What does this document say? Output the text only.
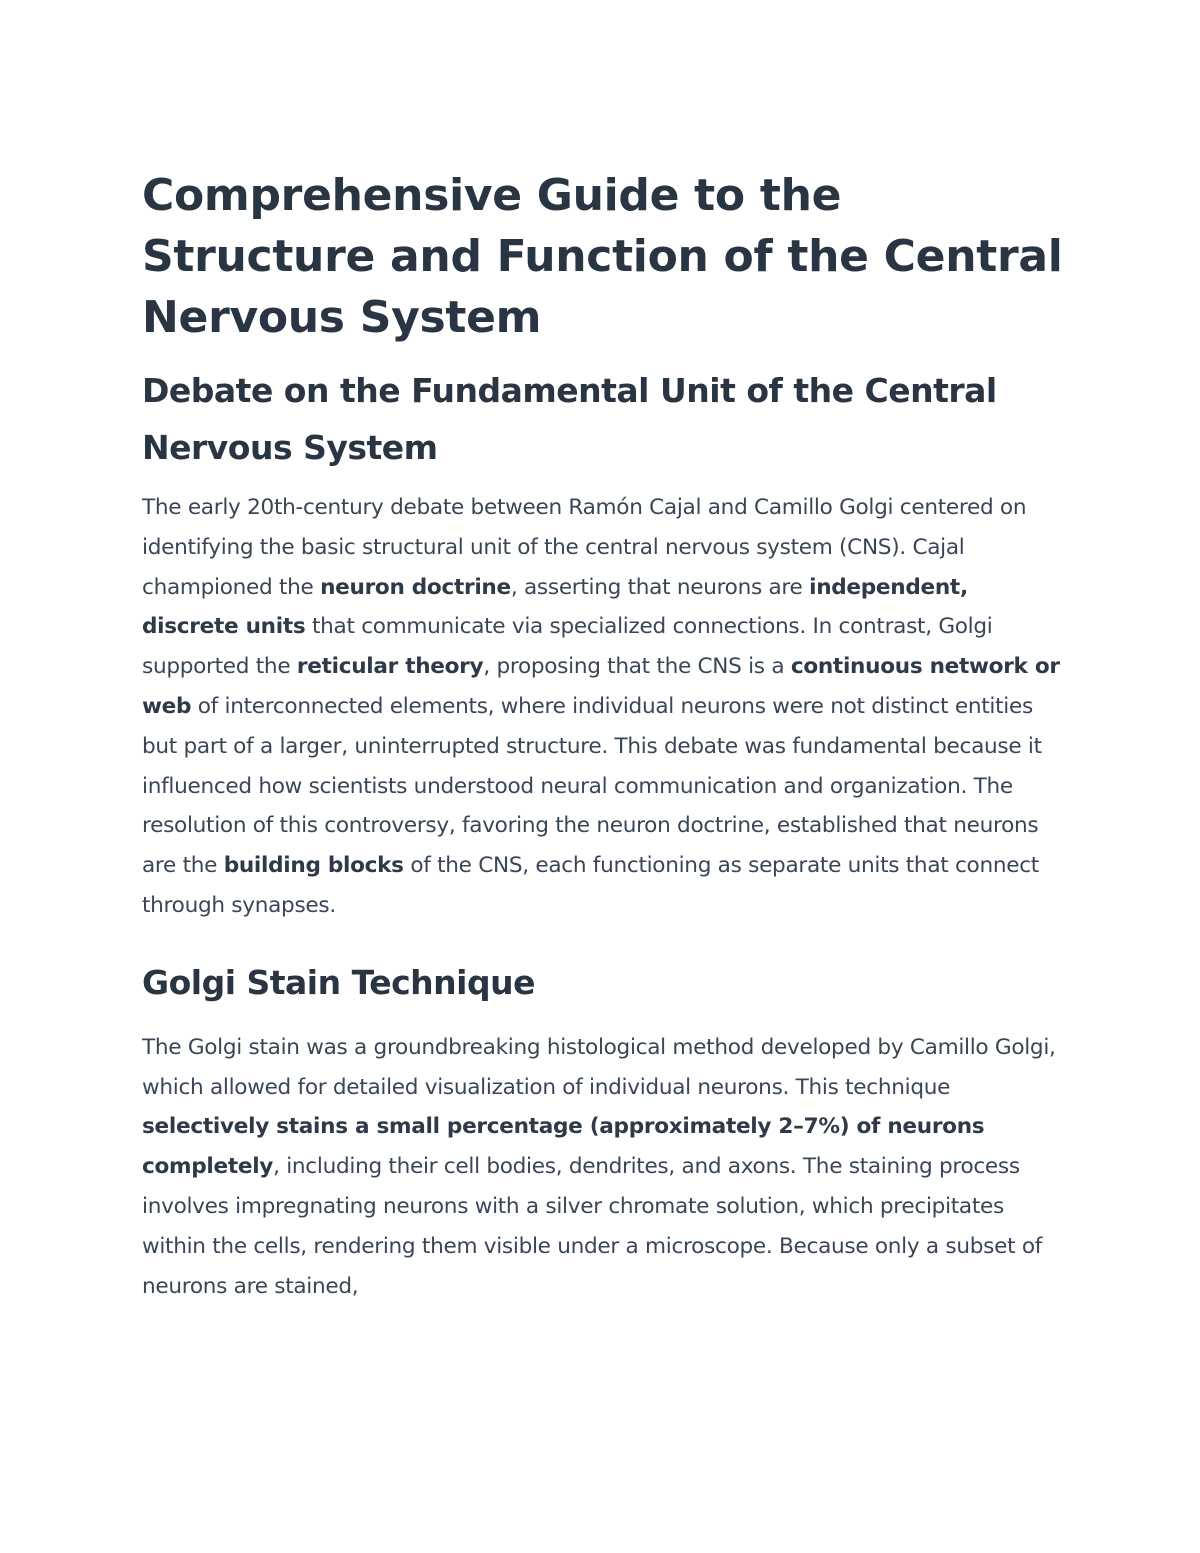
Comprehensive Guide to the Structure and Function of the Central Nervous System
Debate on the Fundamental Unit of the Central Nervous System

The early 20th-century debate between Ramón Cajal and Camillo Golgi centered on identifying the basic structural unit of the central nervous system (CNS). Cajal championed the neuron doctrine, asserting that neurons are independent, discrete units that communicate via specialized connections. In contrast, Golgi supported the reticular theory, proposing that the CNS is a continuous network or web of interconnected elements, where individual neurons were not distinct entities but part of a larger, uninterrupted structure. This debate was fundamental because it influenced how scientists understood neural communication and organization. The resolution of this controversy, favoring the neuron doctrine, established that neurons are the building blocks of the CNS, each functioning as separate units that connect through synapses.

Golgi Stain Technique

The Golgi stain was a groundbreaking histological method developed by Camillo Golgi, which allowed for detailed visualization of individual neurons. This technique selectively stains a small percentage (approximately 2–7%) of neurons completely, including their cell bodies, dendrites, and axons. The staining process involves impregnating neurons with a silver chromate solution, which precipitates within the cells, rendering them visible under a microscope. Because only a subset of neurons are stained,
